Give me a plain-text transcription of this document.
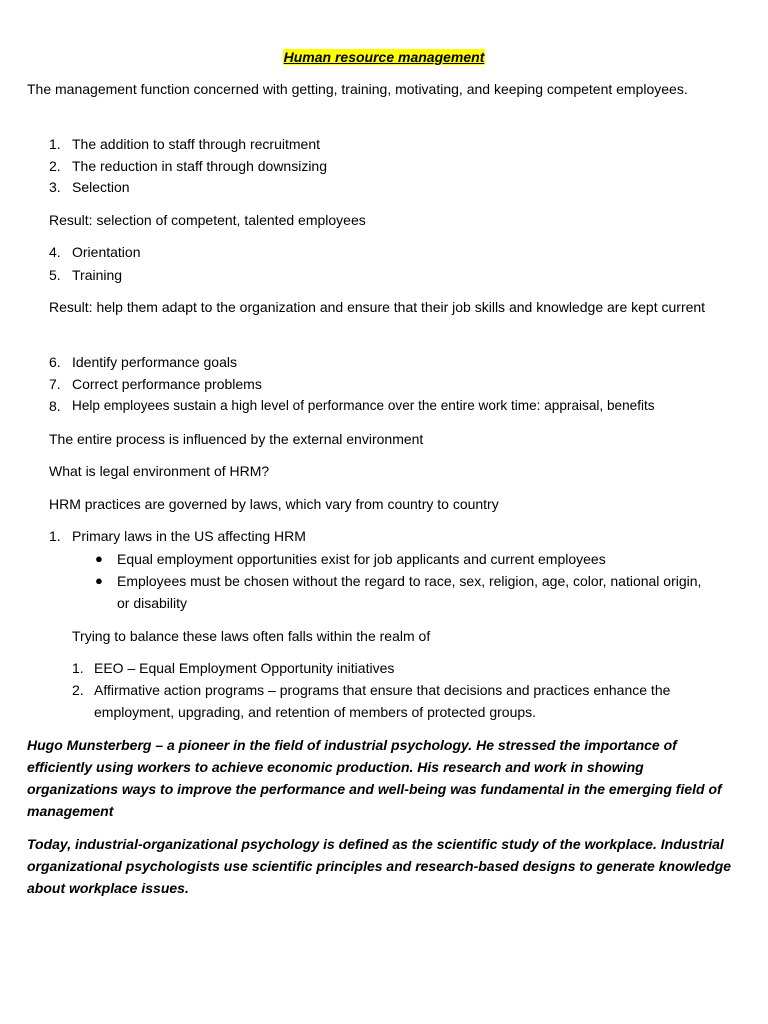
Human resource management

The management function concerned with getting, training, motivating, and keeping competent employees.

1. The addition to staff through recruitment
2. The reduction in staff through downsizing
3. Selection

Result: selection of competent, talented employees

4. Orientation
5. Training

Result: help them adapt to the organization and ensure that their job skills and knowledge are kept current

6. Identify performance goals
7. Correct performance problems
8. Help employees sustain a high level of performance over the entire work time: appraisal, benefits

The entire process is influenced by the external environment

What is legal environment of HRM?

HRM practices are governed by laws, which vary from country to country

1. Primary laws in the US affecting HRM
● Equal employment opportunities exist for job applicants and current employees
● Employees must be chosen without the regard to race, sex, religion, age, color, national origin, or disability

Trying to balance these laws often falls within the realm of

1. EEO – Equal Employment Opportunity initiatives
2. Affirmative action programs – programs that ensure that decisions and practices enhance the employment, upgrading, and retention of members of protected groups.

Hugo Munsterberg – a pioneer in the field of industrial psychology. He stressed the importance of efficiently using workers to achieve economic production. His research and work in showing organizations ways to improve the performance and well-being was fundamental in the emerging field of management

Today, industrial-organizational psychology is defined as the scientific study of the workplace. Industrial organizational psychologists use scientific principles and research-based designs to generate knowledge about workplace issues.
